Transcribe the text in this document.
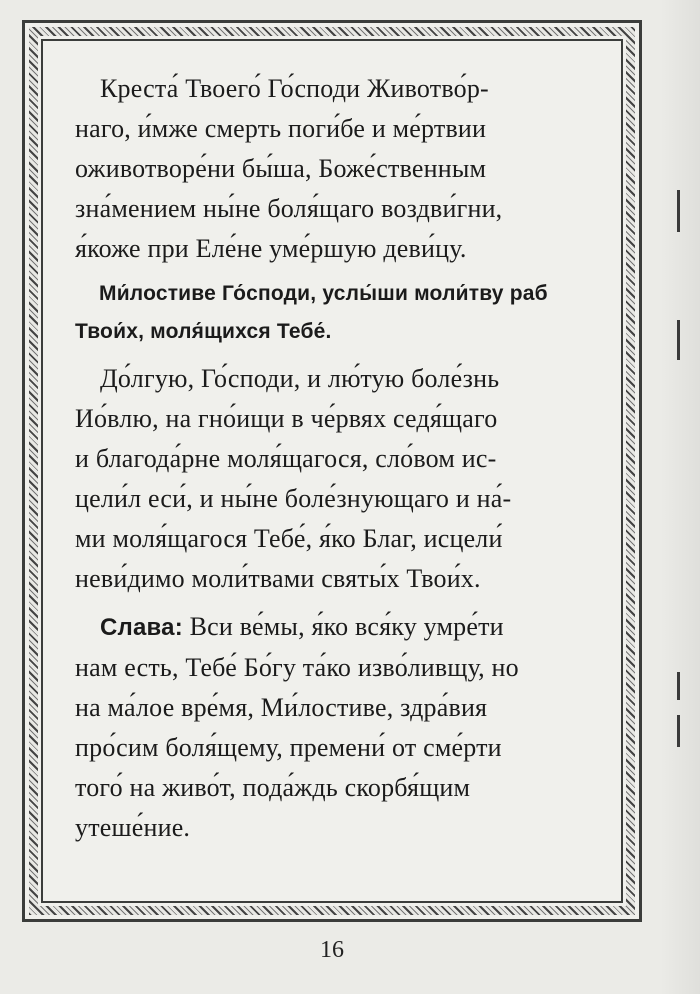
Креста́ Твоего́ Го́споди Животво́р-
наго, и́мже смерть поги́бе и ме́ртвии
оживотворе́ни бы́ша, Боже́ственным
зна́мением ны́не боля́щаго воздви́гни,
я́коже при Еле́не уме́ршую деви́цу.

Ми́лостиве Го́споди, услы́ши моли́тву раб
Твои́х, моля́щихся Тебе́.

До́лгую, Го́споди, и лю́тую боле́знь
Ио́влю, на гно́ищи в че́рвях седя́щаго
и благода́рне моля́щагося, сло́вом ис-
цели́л еси́, и ны́не боле́знующаго и на́-
ми моля́щагося Тебе́, я́ко Благ, исцели́
неви́димо моли́твами святы́х Твои́х.

Слава: Вси ве́мы, я́ко вся́ку умре́ти
нам есть, Тебе́ Бо́гу та́ко изво́ливщу, но
на ма́лое вре́мя, Ми́лостиве, здра́вия
про́сим боля́щему, премени́ от сме́рти
того́ на живо́т, пода́ждь скорбя́щим
утеше́ние.

16
